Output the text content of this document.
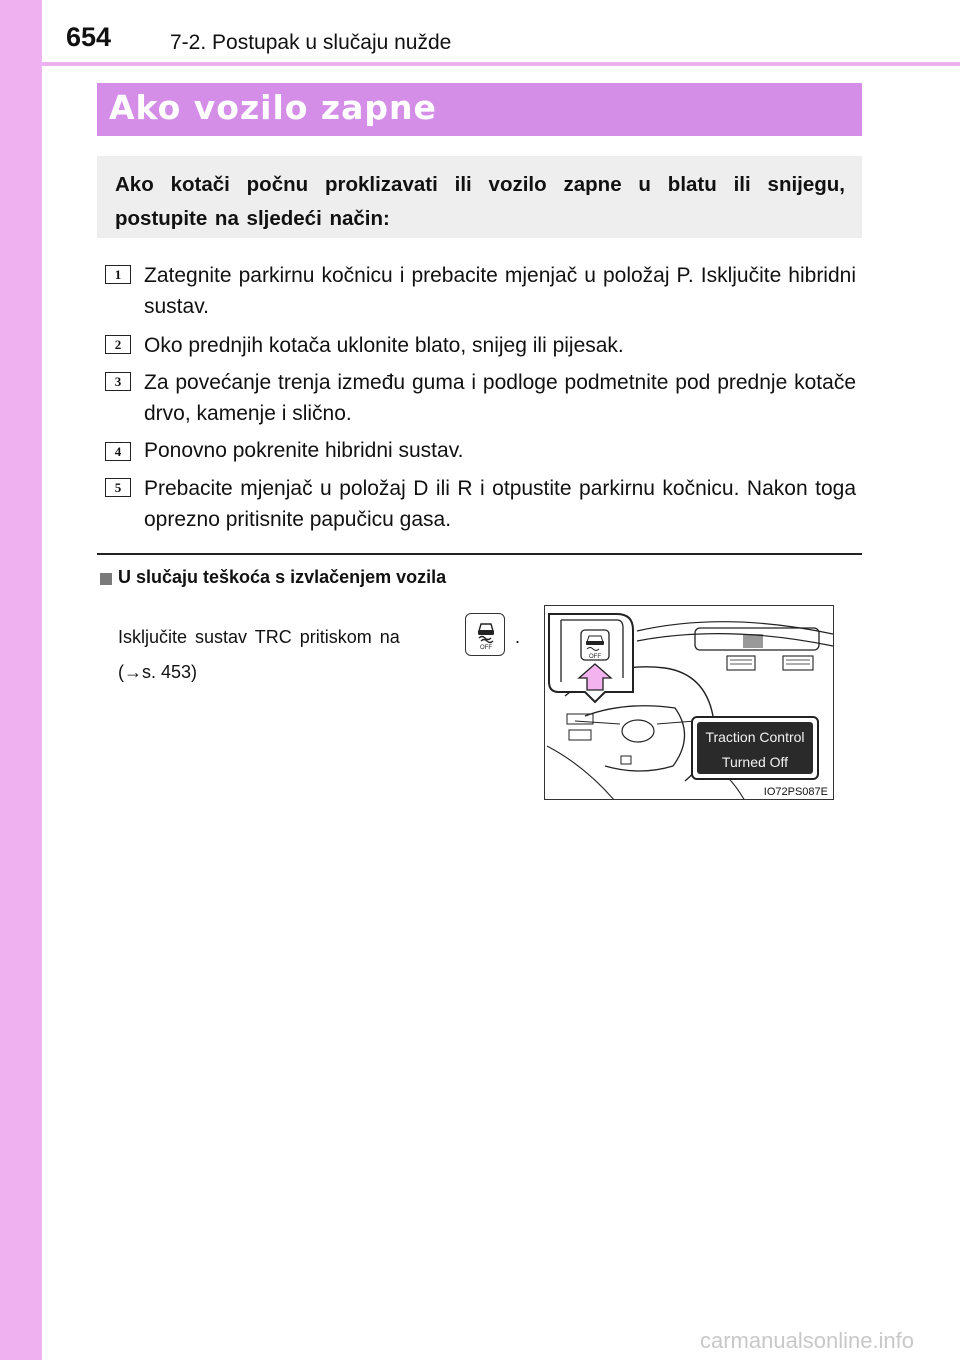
654	7-2. Postupak u slučaju nužde
Ako vozilo zapne
Ako kotači počnu proklizavati ili vozilo zapne u blatu ili snijegu, postupite na sljedeći način:
1	Zategnite parkirnu kočnicu i prebacite mjenjač u položaj P. Isključite hibridni sustav.
2	Oko prednjih kotača uklonite blato, snijeg ili pijesak.
3	Za povećanje trenja između guma i podloge podmetnite pod prednje kotače drvo, kamenje i slično.
4	Ponovno pokrenite hibridni sustav.
5	Prebacite mjenjač u položaj D ili R i otpustite parkirnu kočnicu. Nakon toga oprezno pritisnite papučicu gasa.
U slučaju teškoća s izvlačenjem vozila
Isključite sustav TRC pritiskom na
OFF
.
(→s. 453)
OFF
Traction Control
Turned Off
IO72PS087E
carmanualsonline.info
